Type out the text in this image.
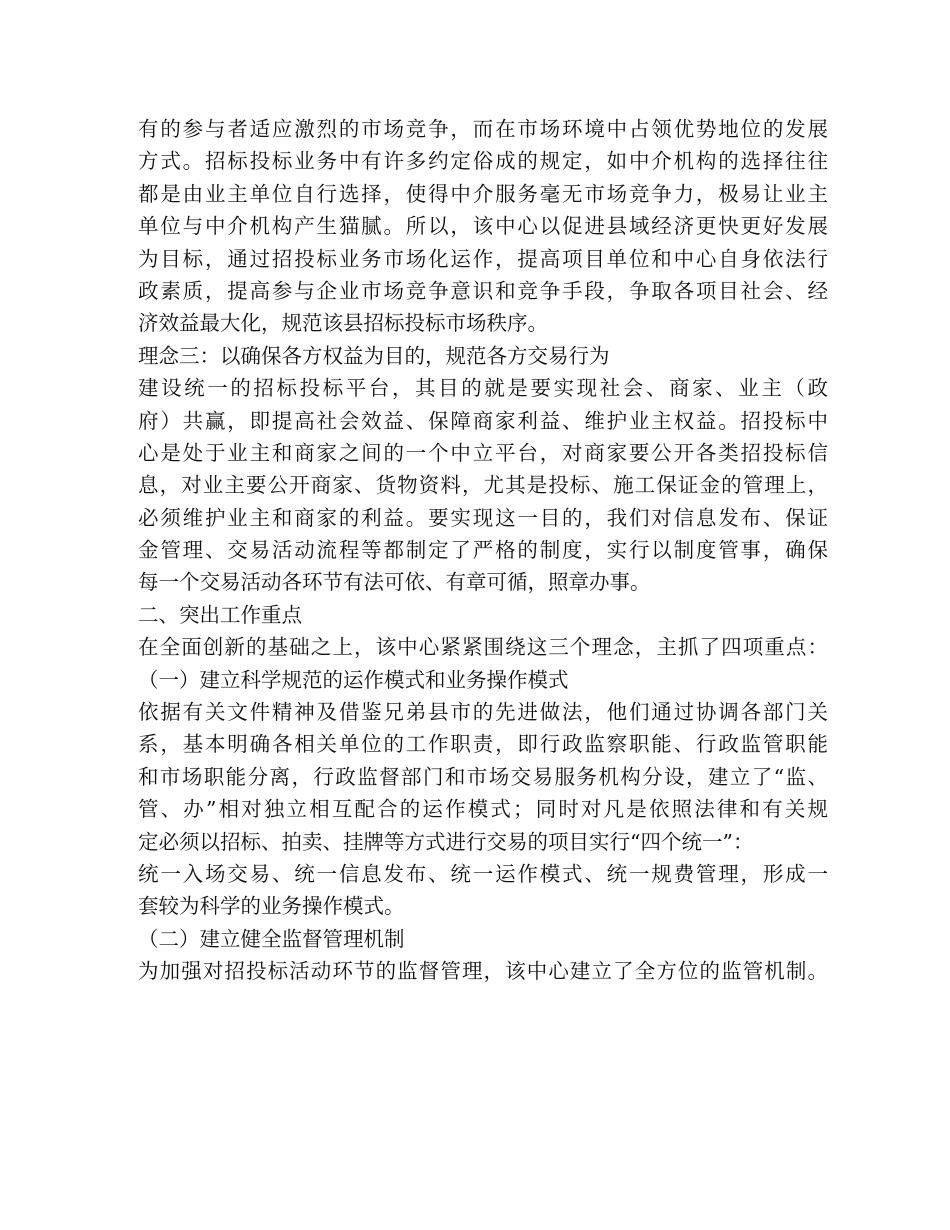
有的参与者适应激烈的市场竞争，而在市场环境中占领优势地位的发展
方式。招标投标业务中有许多约定俗成的规定，如中介机构的选择往往
都是由业主单位自行选择，使得中介服务毫无市场竞争力，极易让业主
单位与中介机构产生猫腻。所以，该中心以促进县域经济更快更好发展
为目标，通过招投标业务市场化运作，提高项目单位和中心自身依法行
政素质，提高参与企业市场竞争意识和竞争手段，争取各项目社会、经
济效益最大化，规范该县招标投标市场秩序。
理念三：以确保各方权益为目的，规范各方交易行为
建设统一的招标投标平台，其目的就是要实现社会、商家、业主（政
府）共赢，即提高社会效益、保障商家利益、维护业主权益。招投标中
心是处于业主和商家之间的一个中立平台，对商家要公开各类招投标信
息，对业主要公开商家、货物资料，尤其是投标、施工保证金的管理上，
必须维护业主和商家的利益。要实现这一目的，我们对信息发布、保证
金管理、交易活动流程等都制定了严格的制度，实行以制度管事，确保
每一个交易活动各环节有法可依、有章可循，照章办事。
二、突出工作重点
在全面创新的基础之上，该中心紧紧围绕这三个理念，主抓了四项重点：
（一）建立科学规范的运作模式和业务操作模式
依据有关文件精神及借鉴兄弟县市的先进做法，他们通过协调各部门关
系，基本明确各相关单位的工作职责，即行政监察职能、行政监管职能
和市场职能分离，行政监督部门和市场交易服务机构分设，建立了“监、
管、办”相对独立相互配合的运作模式；同时对凡是依照法律和有关规
定必须以招标、拍卖、挂牌等方式进行交易的项目实行“四个统一”：
统一入场交易、统一信息发布、统一运作模式、统一规费管理，形成一
套较为科学的业务操作模式。
（二）建立健全监督管理机制
为加强对招投标活动环节的监督管理，该中心建立了全方位的监管机制。
